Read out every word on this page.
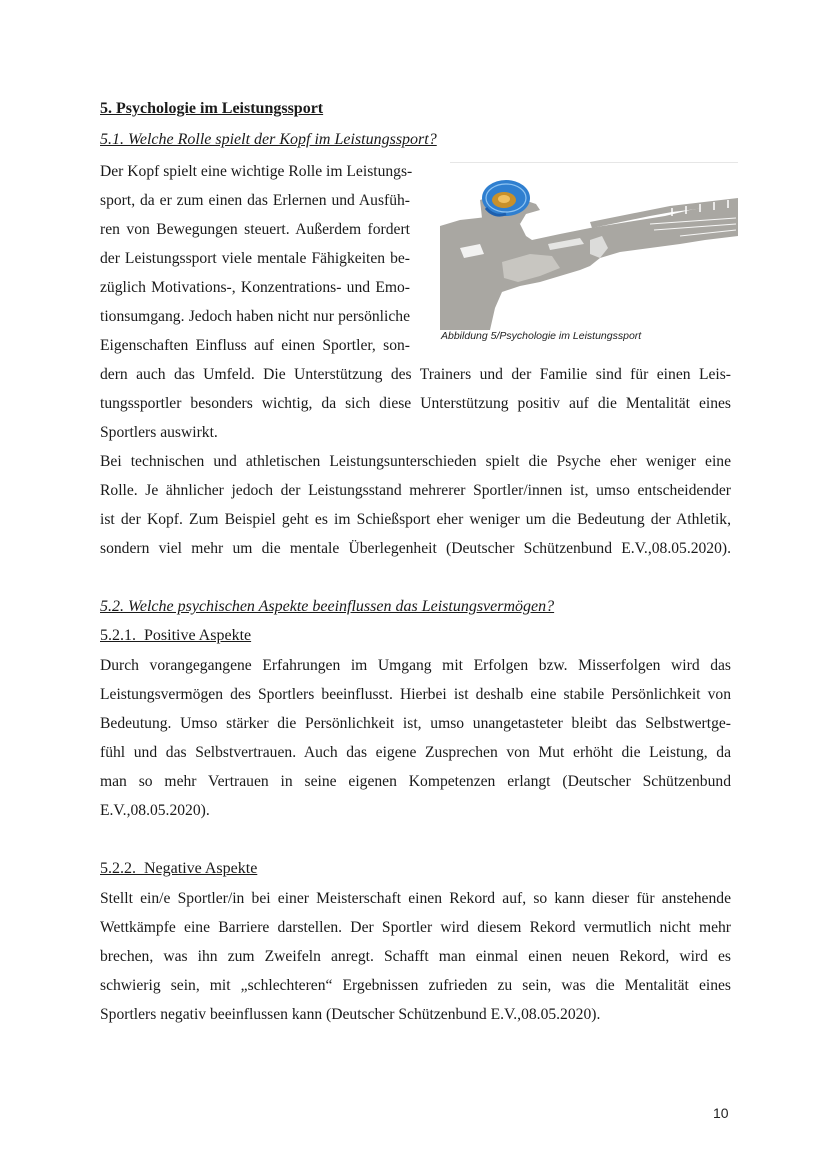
5. Psychologie im Leistungssport
5.1. Welche Rolle spielt der Kopf im Leistungssport?
Der Kopf spielt eine wichtige Rolle im Leistungs-
sport, da er zum einen das Erlernen und Ausfüh-
ren von Bewegungen steuert. Außerdem fordert
der Leistungssport viele mentale Fähigkeiten be-
züglich Motivations-, Konzentrations- und Emo-
tionsumgang. Jedoch haben nicht nur persönliche
Eigenschaften Einfluss auf einen Sportler, son-
Abbildung 5/Psychologie im Leistungssport
dern auch das Umfeld. Die Unterstützung des Trainers und der Familie sind für einen Leis-
tungssportler besonders wichtig, da sich diese Unterstützung positiv auf die Mentalität eines
Sportlers auswirkt.
Bei technischen und athletischen Leistungsunterschieden spielt die Psyche eher weniger eine
Rolle. Je ähnlicher jedoch der Leistungsstand mehrerer Sportler/innen ist, umso entscheidender
ist der Kopf. Zum Beispiel geht es im Schießsport eher weniger um die Bedeutung der Athletik,
sondern viel mehr um die mentale Überlegenheit (Deutscher Schützenbund E.V.,08.05.2020).
5.2. Welche psychischen Aspekte beeinflussen das Leistungsvermögen?
5.2.1.  Positive Aspekte
Durch vorangegangene Erfahrungen im Umgang mit Erfolgen bzw. Misserfolgen wird das
Leistungsvermögen des Sportlers beeinflusst. Hierbei ist deshalb eine stabile Persönlichkeit von
Bedeutung. Umso stärker die Persönlichkeit ist, umso unangetasteter bleibt das Selbstwertge-
fühl und das Selbstvertrauen. Auch das eigene Zusprechen von Mut erhöht die Leistung, da
man so mehr Vertrauen in seine eigenen Kompetenzen erlangt (Deutscher Schützenbund
E.V.,08.05.2020).
5.2.2.  Negative Aspekte
Stellt ein/e Sportler/in bei einer Meisterschaft einen Rekord auf, so kann dieser für anstehende
Wettkämpfe eine Barriere darstellen. Der Sportler wird diesem Rekord vermutlich nicht mehr
brechen, was ihn zum Zweifeln anregt. Schafft man einmal einen neuen Rekord, wird es
schwierig sein, mit „schlechteren“ Ergebnissen zufrieden zu sein, was die Mentalität eines
Sportlers negativ beeinflussen kann (Deutscher Schützenbund E.V.,08.05.2020).
10
